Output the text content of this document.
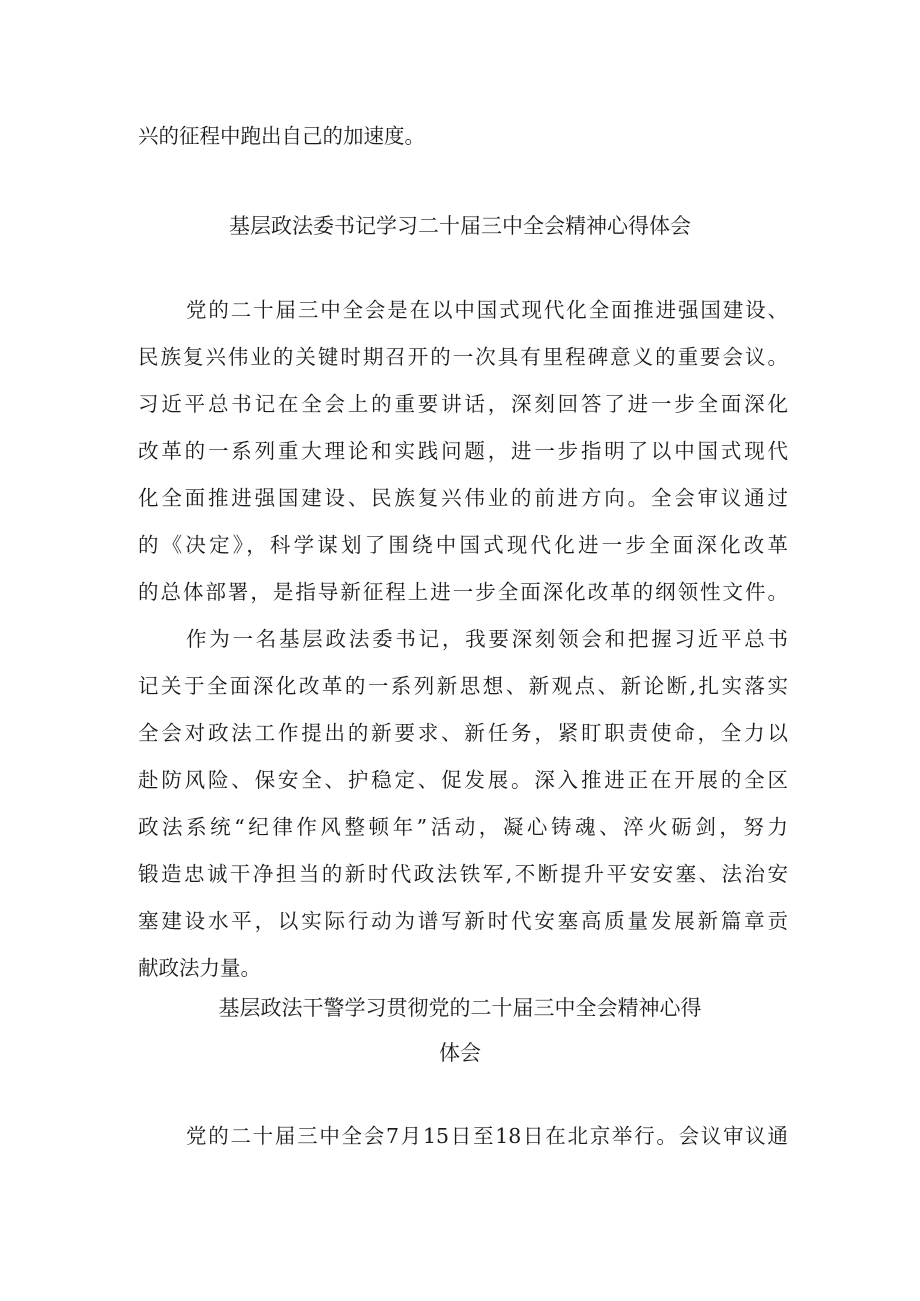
兴的征程中跑出自己的加速度。
基层政法委书记学习二十届三中全会精神心得体会
党的二十届三中全会是在以中国式现代化全面推进强国建设、
民族复兴伟业的关键时期召开的一次具有里程碑意义的重要会议。
习近平总书记在全会上的重要讲话，深刻回答了进一步全面深化
改革的一系列重大理论和实践问题，进一步指明了以中国式现代
化全面推进强国建设、民族复兴伟业的前进方向。全会审议通过
的《决定》，科学谋划了围绕中国式现代化进一步全面深化改革
的总体部署，是指导新征程上进一步全面深化改革的纲领性文件。
作为一名基层政法委书记，我要深刻领会和把握习近平总书
记关于全面深化改革的一系列新思想、新观点、新论断,扎实落实
全会对政法工作提出的新要求、新任务，紧盯职责使命，全力以
赴防风险、保安全、护稳定、促发展。深入推进正在开展的全区
政法系统“纪律作风整顿年”活动，凝心铸魂、淬火砺剑，努力
锻造忠诚干净担当的新时代政法铁军,不断提升平安安塞、法治安
塞建设水平，以实际行动为谱写新时代安塞高质量发展新篇章贡
献政法力量。
基层政法干警学习贯彻党的二十届三中全会精神心得
体会
党的二十届三中全会7月15日至18日在北京举行。会议审议通
